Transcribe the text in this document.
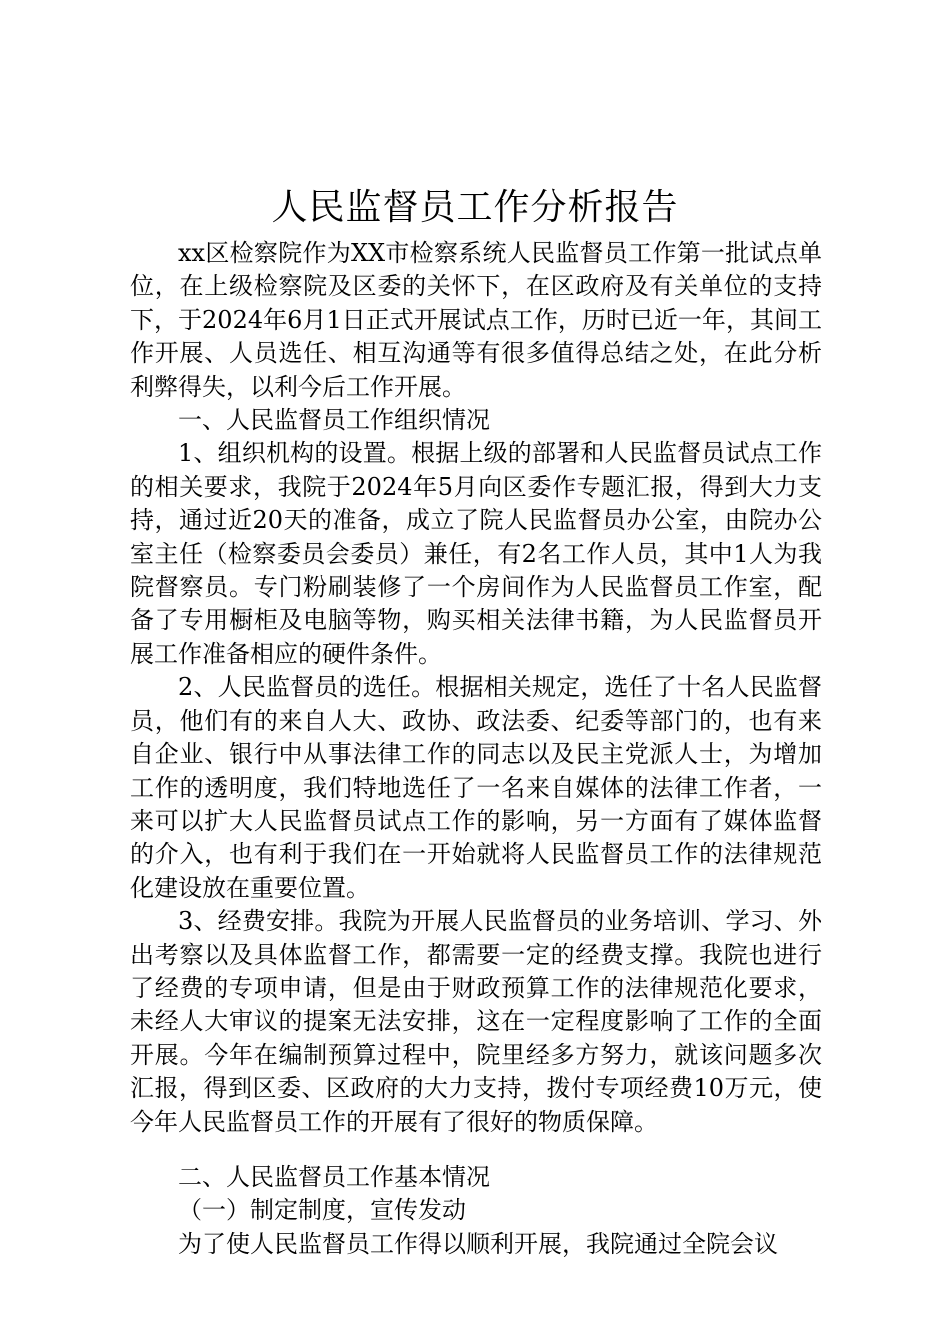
人民监督员工作分析报告

xx区检察院作为XX市检察系统人民监督员工作第一批试点单位，在上级检察院及区委的关怀下，在区政府及有关单位的支持下，于2024年6月1日正式开展试点工作，历时已近一年，其间工作开展、人员选任、相互沟通等有很多值得总结之处，在此分析利弊得失，以利今后工作开展。

一、人民监督员工作组织情况

1、组织机构的设置。根据上级的部署和人民监督员试点工作的相关要求，我院于2024年5月向区委作专题汇报，得到大力支持，通过近20天的准备，成立了院人民监督员办公室，由院办公室主任（检察委员会委员）兼任，有2名工作人员，其中1人为我院督察员。专门粉刷装修了一个房间作为人民监督员工作室，配备了专用橱柜及电脑等物，购买相关法律书籍，为人民监督员开展工作准备相应的硬件条件。

2、人民监督员的选任。根据相关规定，选任了十名人民监督员，他们有的来自人大、政协、政法委、纪委等部门的，也有来自企业、银行中从事法律工作的同志以及民主党派人士，为增加工作的透明度，我们特地选任了一名来自媒体的法律工作者，一来可以扩大人民监督员试点工作的影响，另一方面有了媒体监督的介入，也有利于我们在一开始就将人民监督员工作的法律规范化建设放在重要位置。

3、经费安排。我院为开展人民监督员的业务培训、学习、外出考察以及具体监督工作，都需要一定的经费支撑。我院也进行了经费的专项申请，但是由于财政预算工作的法律规范化要求，未经人大审议的提案无法安排，这在一定程度影响了工作的全面开展。今年在编制预算过程中，院里经多方努力，就该问题多次汇报，得到区委、区政府的大力支持，拨付专项经费10万元，使今年人民监督员工作的开展有了很好的物质保障。

二、人民监督员工作基本情况

（一）制定制度，宣传发动

为了使人民监督员工作得以顺利开展，我院通过全院会议
